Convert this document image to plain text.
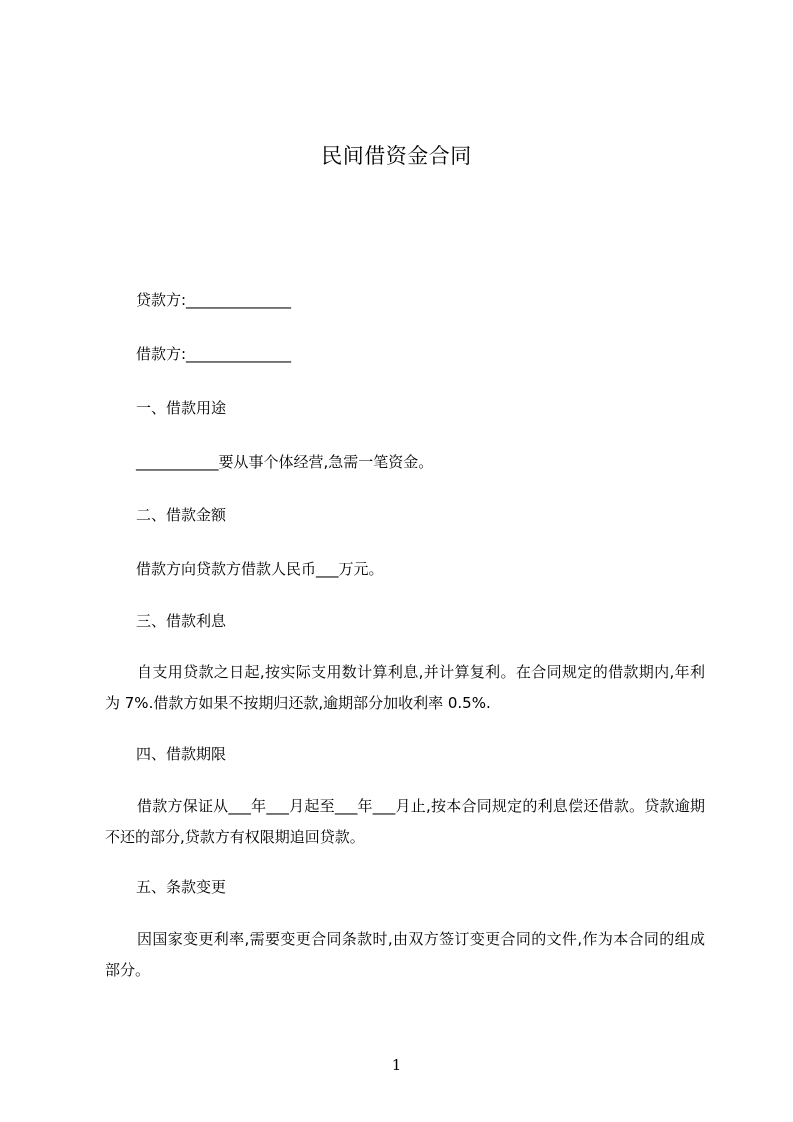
民间借资金合同
贷款方:______________
借款方:______________
一、借款用途
___________要从事个体经营,急需一笔资金。
二、借款金额
借款方向贷款方借款人民币___万元。
三、借款利息
自支用贷款之日起,按实际支用数计算利息,并计算复利。在合同规定的借款期内,年利为 7%.借款方如果不按期归还款,逾期部分加收利率 0.5%.
四、借款期限
借款方保证从___年___月起至___年___月止,按本合同规定的利息偿还借款。贷款逾期不还的部分,贷款方有权限期追回贷款。
五、条款变更
因国家变更利率,需要变更合同条款时,由双方签订变更合同的文件,作为本合同的组成部分。
1
